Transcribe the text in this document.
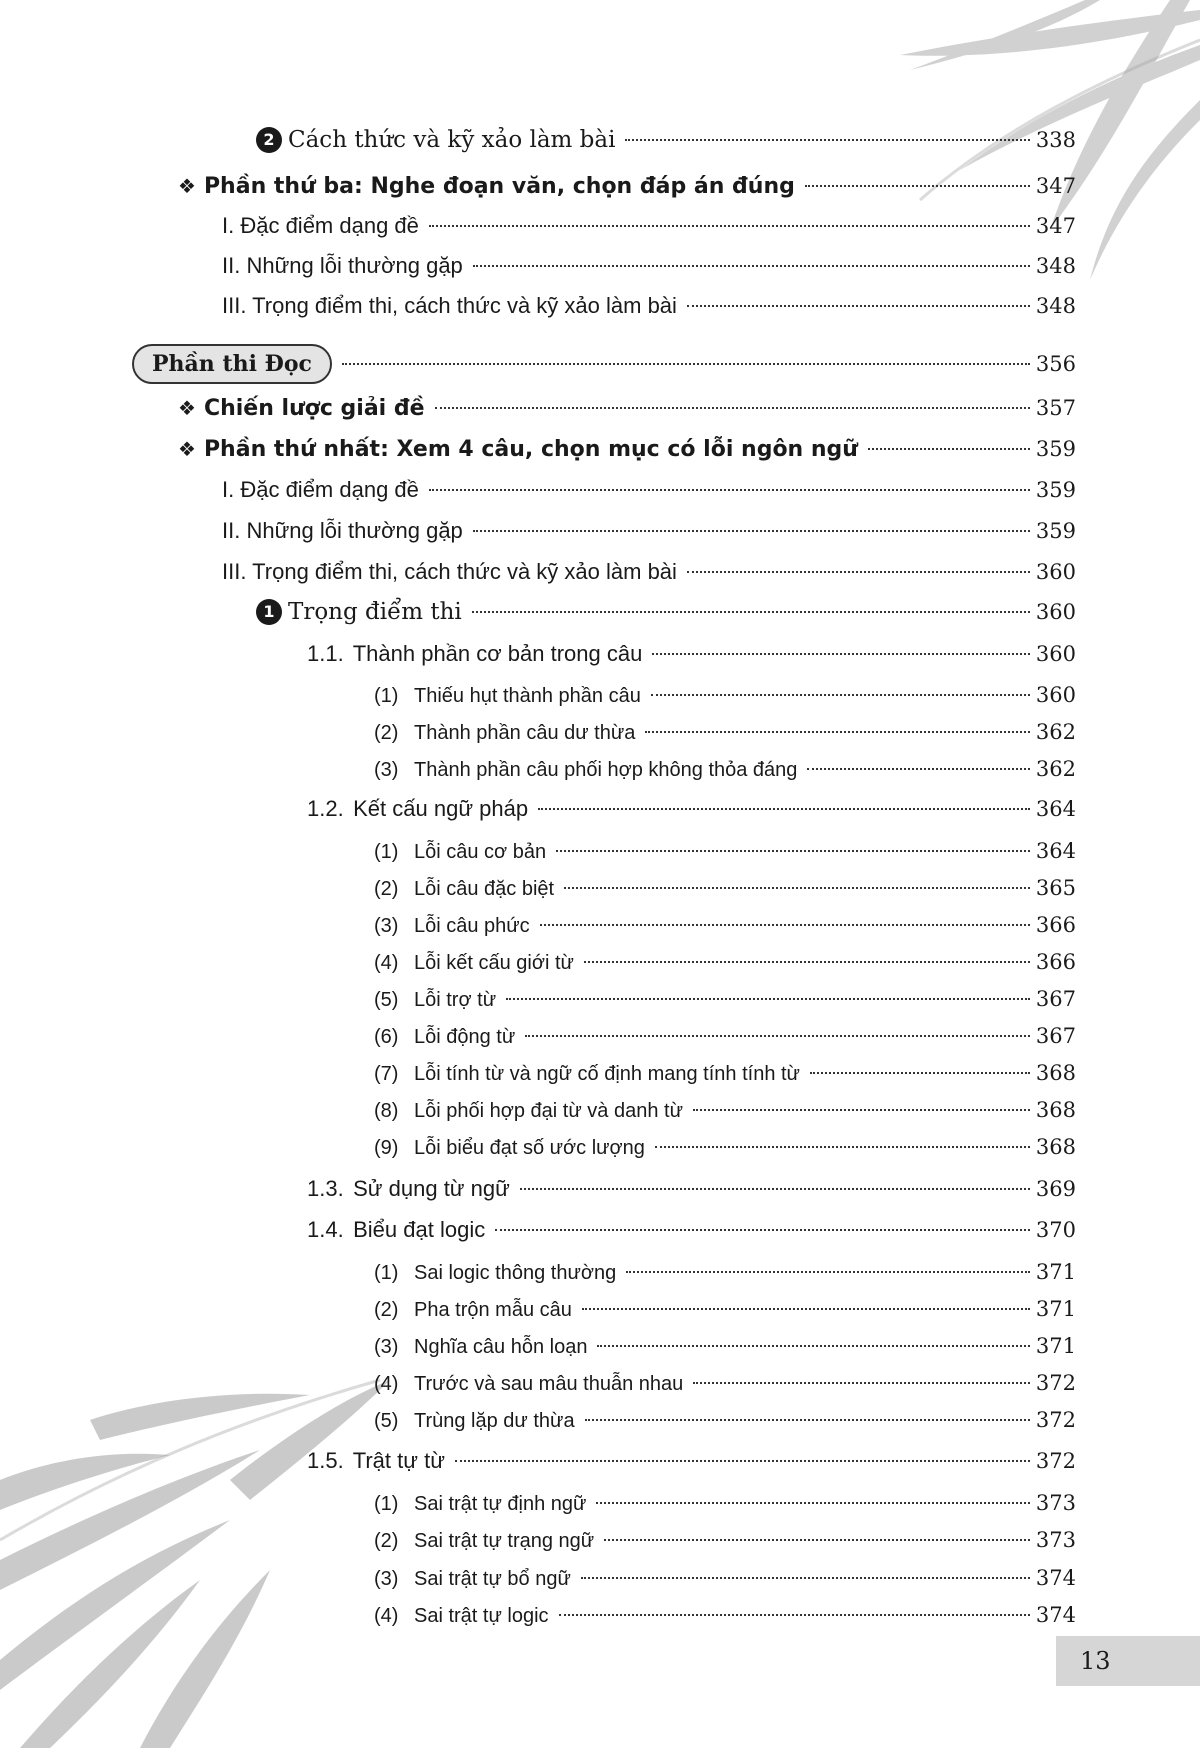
2 Cách thức và kỹ xảo làm bài	338
❖ Phần thứ ba: Nghe đoạn văn, chọn đáp án đúng	347
I. Đặc điểm dạng đề	347
II. Những lỗi thường gặp	348
III. Trọng điểm thi, cách thức và kỹ xảo làm bài	348
Phần thi Đọc	356
❖ Chiến lược giải đề	357
❖ Phần thứ nhất: Xem 4 câu, chọn mục có lỗi ngôn ngữ	359
I. Đặc điểm dạng đề	359
II. Những lỗi thường gặp	359
III. Trọng điểm thi, cách thức và kỹ xảo làm bài	360
1 Trọng điểm thi	360
1.1. Thành phần cơ bản trong câu	360
(1) Thiếu hụt thành phần câu	360
(2) Thành phần câu dư thừa	362
(3) Thành phần câu phối hợp không thỏa đáng	362
1.2. Kết cấu ngữ pháp	364
(1) Lỗi câu cơ bản	364
(2) Lỗi câu đặc biệt	365
(3) Lỗi câu phức	366
(4) Lỗi kết cấu giới từ	366
(5) Lỗi trợ từ	367
(6) Lỗi động từ	367
(7) Lỗi tính từ và ngữ cố định mang tính tính từ	368
(8) Lỗi phối hợp đại từ và danh từ	368
(9) Lỗi biểu đạt số ước lượng	368
1.3. Sử dụng từ ngữ	369
1.4. Biểu đạt logic	370
(1) Sai logic thông thường	371
(2) Pha trộn mẫu câu	371
(3) Nghĩa câu hỗn loạn	371
(4) Trước và sau mâu thuẫn nhau	372
(5) Trùng lặp dư thừa	372
1.5. Trật tự từ	372
(1) Sai trật tự định ngữ	373
(2) Sai trật tự trạng ngữ	373
(3) Sai trật tự bổ ngữ	374
(4) Sai trật tự logic	374
13
